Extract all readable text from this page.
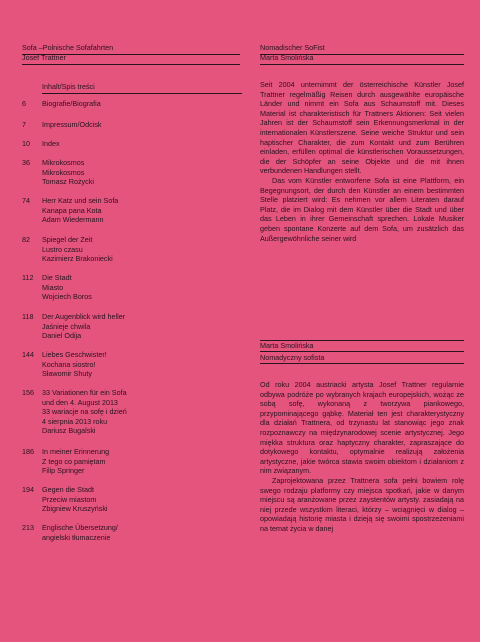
Sofa –Polnische Sofafahrten
Josef Trattner
Nomadischer SoFist
Marta Smolińska
Inhalt/Spis treści
6	Biografie/Biografia
7	Impressum/Odcisk
10	Index
36	Mikrokosmos
Mikrokosmos
Tomasz Rożycki
74	Herr Katz und sein Sofa
Kanapa pana Kota
Adam Wiedermann
82	Spiegel der Zeit
Lustro czasu
Kazimierz Brakoniecki
112	Die Stadt
Miasto
Wojciech Boros
118	Der Augenblick wird heller
Jaśnieje chwila
Daniel Odija
144	Liebes Geschwister!
Kochana siostro!
Sławomir Shuty
156	33 Variationen für ein Sofa
und den 4. August 2013
33 wariacje na sofę i dzień
4 sierpnia 2013 roku
Dariusz Bugalski
186	In meiner Erinnerung
Z tego co pamiętam
Filip Springer
194	Gegen die Stadt
Przeciw miastom
Zbigniew Kruszyński
213	Englische Übersetzung/
angielski tłumaczenie

Seit 2004 unternimmt der österreichische Künstler Josef Trattner regelmäßig Reisen durch ausgewählte europäische Länder und nimmt ein Sofa aus Schaumstoff mit. Dieses Material ist charakteristisch für Trattners Aktionen: Seit vielen Jahren ist der Schaumstoff sein Erkennungsmerkmal in der internationalen Künstlerszene. Seine weiche Struktur und sein haptischer Charakter, die zum Kontakt und zum Berühren einladen, erfüllen optimal die künstlerischen Voraussetzungen, die der Schöpfer an seine Objekte und die mit ihnen verbundenen Handlungen stellt.

Das vom Künstler entworfene Sofa ist eine Plattform, ein Begegnungsort, der durch den Künstler an einem bestimmten Stelle platziert wird: Es nehmen vor allem Literaten darauf Platz, die im Dialog mit dem Künstler über die Stadt und über das Leben in ihrer Gemeinschaft sprechen. Lokale Musiker geben spontane Konzerte auf dem Sofa, um zusätzlich das Außergewöhnliche seiner wird

Marta Smolińska
Nomadyczny sofista

Od roku 2004 austriacki artysta Josef Trattner regularnie odbywa podróże po wybranych krajach europejskich, wożąc ze sobą sofę, wykonaną z tworzywa piankowego, przypominającego gąbkę. Materiał ten jest charakterystyczny dla działań Trattnera, od trzynastu lat stanowiąc jego znak rozpoznawczy na międzynarodowej scenie artystycznej. Jego miękka struktura oraz haptyczny charakter, zapraszające do dotykowego kontaktu, optymalnie realizują założenia artystyczne, jakie twórca stawia swoim obiektom i działaniom z nim związanym.

Zaprojektowana przez Trattnera sofa pełni bowiem rolę swego rodzaju platformy czy miejsca spotkań, jakie w danym miejscu są aranżowane przez zaystentów artysty. zasiadają na niej przede wszystkim literaci, którzy – wciągnięci w dialog – opowiadają historię miasta i dzieją się swoimi spostrzeżeniami na temat życia w danej
